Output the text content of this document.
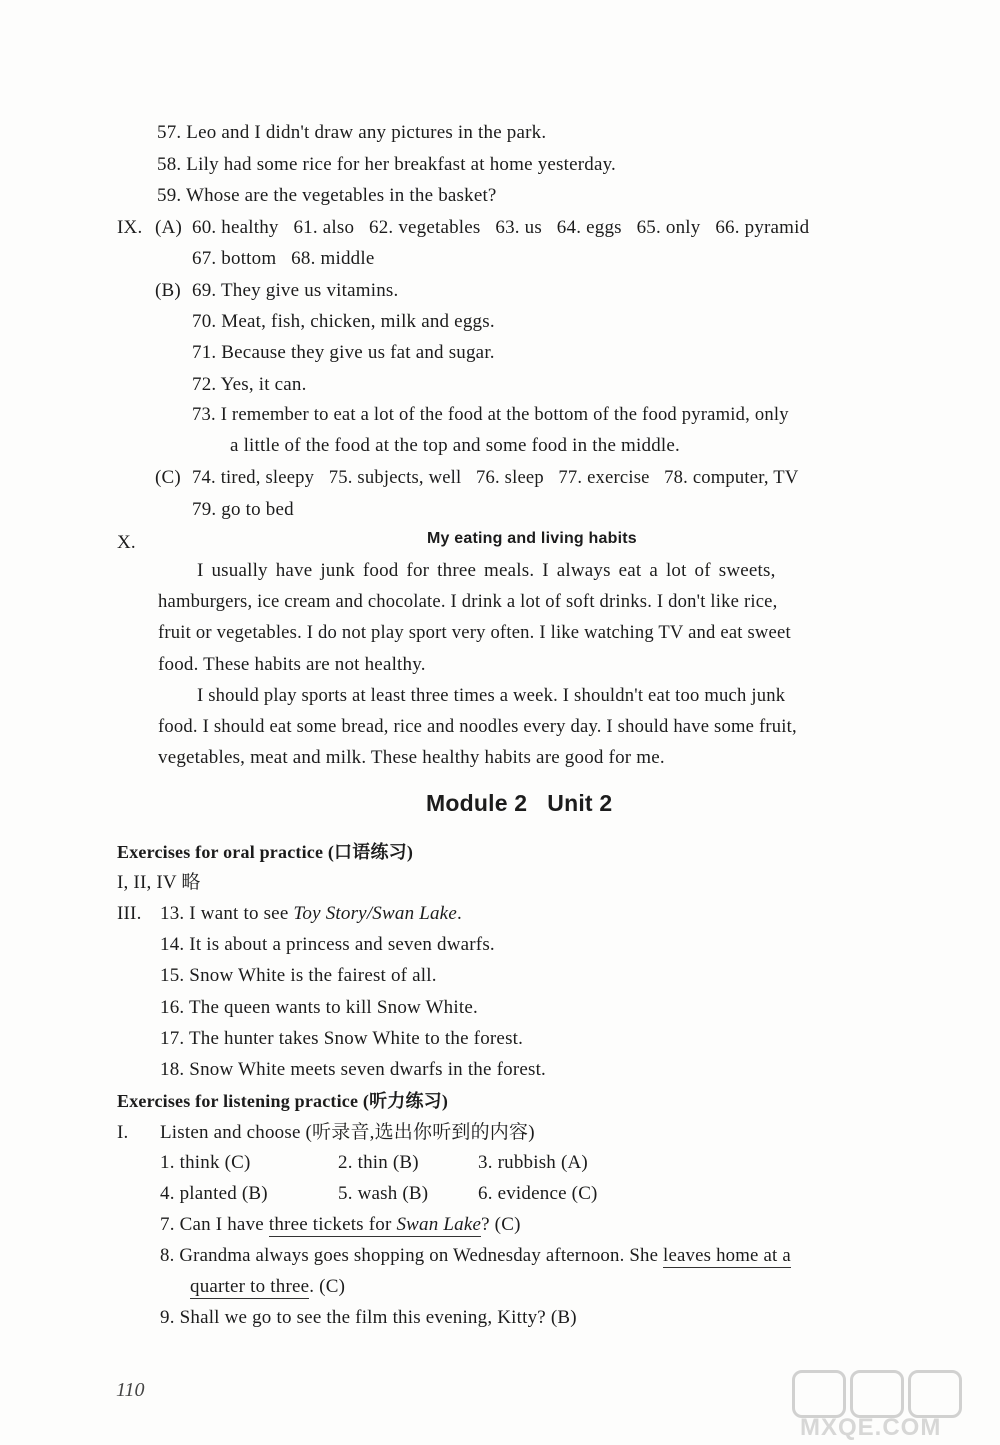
57. Leo and I didn't draw any pictures in the park.
58. Lily had some rice for her breakfast at home yesterday.
59. Whose are the vegetables in the basket?
IX. (A) 60. healthy   61. also   62. vegetables   63. us   64. eggs   65. only   66. pyramid
67. bottom   68. middle
(B) 69. They give us vitamins.
70. Meat, fish, chicken, milk and eggs.
71. Because they give us fat and sugar.
72. Yes, it can.
73. I remember to eat a lot of the food at the bottom of the food pyramid, only
a little of the food at the top and some food in the middle.
(C) 74. tired, sleepy   75. subjects, well   76. sleep   77. exercise   78. computer, TV
79. go to bed
X.	My eating and living habits
I usually have junk food for three meals. I always eat a lot of sweets,
hamburgers, ice cream and chocolate. I drink a lot of soft drinks. I don't like rice,
fruit or vegetables. I do not play sport very often. I like watching TV and eat sweet
food. These habits are not healthy.
I should play sports at least three times a week. I shouldn't eat too much junk
food. I should eat some bread, rice and noodles every day. I should have some fruit,
vegetables, meat and milk. These healthy habits are good for me.
Module 2 Unit 2
Exercises for oral practice (口语练习)
I, II, IV 略
III. 13. I want to see Toy Story/Swan Lake.
14. It is about a princess and seven dwarfs.
15. Snow White is the fairest of all.
16. The queen wants to kill Snow White.
17. The hunter takes Snow White to the forest.
18. Snow White meets seven dwarfs in the forest.
Exercises for listening practice (听力练习)
I. Listen and choose (听录音,选出你听到的内容)
1. think (C)	2. thin (B)	3. rubbish (A)
4. planted (B)	5. wash (B)	6. evidence (C)
7. Can I have three tickets for Swan Lake? (C)
8. Grandma always goes shopping on Wednesday afternoon. She leaves home at a
quarter to three. (C)
9. Shall we go to see the film this evening, Kitty? (B)
110
MXQE.COM
